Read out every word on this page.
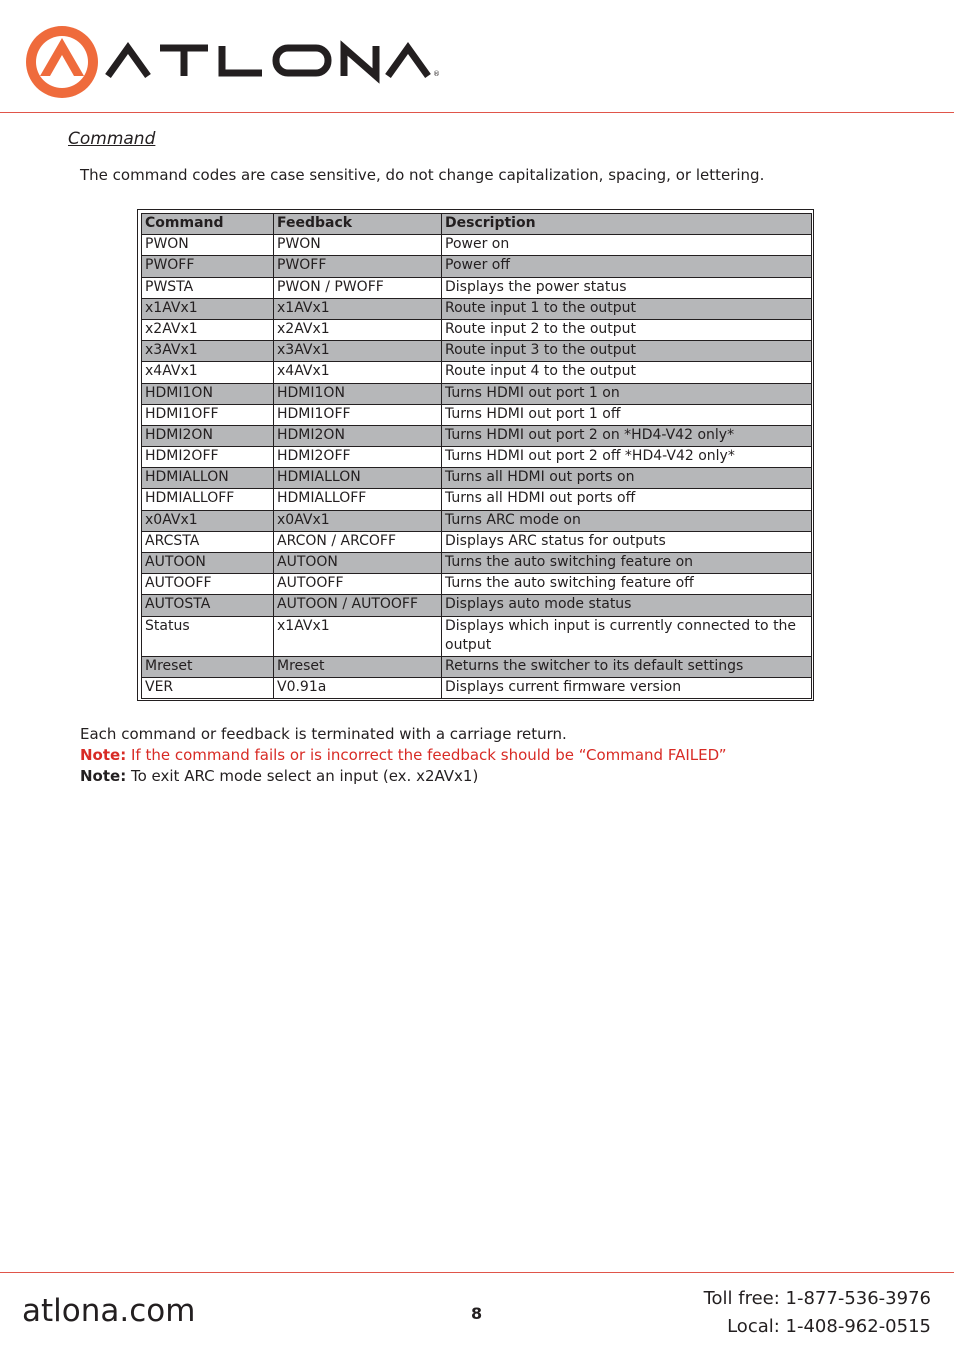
®
Command
The command codes are case sensitive, do not change capitalization, spacing, or lettering.
Command	Feedback	Description
PWON	PWON	Power on
PWOFF	PWOFF	Power off
PWSTA	PWON / PWOFF	Displays the power status
x1AVx1	x1AVx1	Route input 1 to the output
x2AVx1	x2AVx1	Route input 2 to the output
x3AVx1	x3AVx1	Route input 3 to the output
x4AVx1	x4AVx1	Route input 4 to the output
HDMI1ON	HDMI1ON	Turns HDMI out port 1 on
HDMI1OFF	HDMI1OFF	Turns HDMI out port 1 off
HDMI2ON	HDMI2ON	Turns HDMI out port 2 on *HD4-V42 only*
HDMI2OFF	HDMI2OFF	Turns HDMI out port 2 off *HD4-V42 only*
HDMIALLON	HDMIALLON	Turns all HDMI out ports on
HDMIALLOFF	HDMIALLOFF	Turns all HDMI out ports off
x0AVx1	x0AVx1	Turns ARC mode on
ARCSTA	ARCON / ARCOFF	Displays ARC status for outputs
AUTOON	AUTOON	Turns the auto switching feature on
AUTOOFF	AUTOOFF	Turns the auto switching feature off
AUTOSTA	AUTOON / AUTOOFF	Displays auto mode status
Status	x1AVx1	Displays which input is currently connected to the output
Mreset	Mreset	Returns the switcher to its default settings
VER	V0.91a	Displays current firmware version
Each command or feedback is terminated with a carriage return.
Note: If the command fails or is incorrect the feedback should be “Command FAILED”
Note: To exit ARC mode select an input (ex. x2AVx1)
atlona.com	8
Toll free: 1-877-536-3976
Local: 1-408-962-0515
